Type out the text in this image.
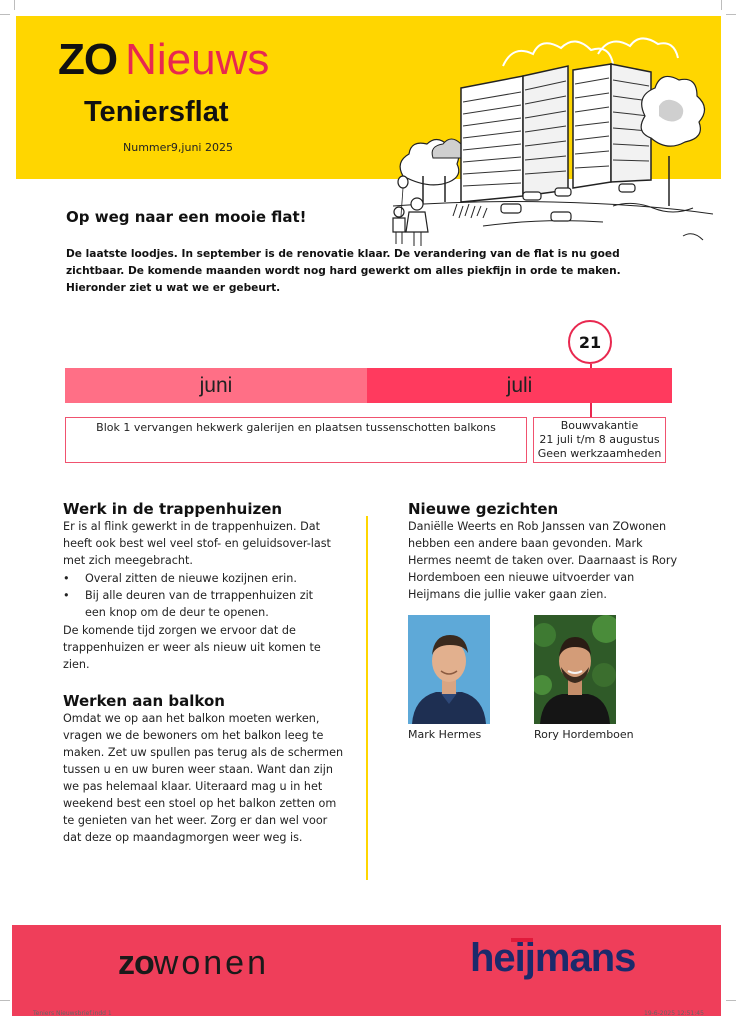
ZO Nieuws
Teniersflat
Nummer9,juni 2025
Op weg naar een mooie flat!
De laatste loodjes. In september is de renovatie klaar. De verandering van de flat is nu goed zichtbaar. De komende maanden wordt nog hard gewerkt om alles piekfijn in orde te maken. Hieronder ziet u wat we er gebeurt.
21
juni	juli
Blok 1 vervangen hekwerk galerijen en plaatsen tussenschotten balkons	Bouwvakantie
21 juli t/m 8 augustus
Geen werkzaamheden
Werk in de trappenhuizen
Er is al flink gewerkt in de trappenhuizen. Dat heeft ook best wel veel stof- en geluidsover-last met zich meegebracht.
• Overal zitten de nieuwe kozijnen erin.
• Bij alle deuren van de trrappenhuizen zit een knop om de deur te openen.
De komende tijd zorgen we ervoor dat de trappenhuizen er weer als nieuw uit komen te zien.
Werken aan balkon
Omdat we op aan het balkon moeten werken, vragen we de bewoners om het balkon leeg te maken. Zet uw spullen pas terug als de schermen tussen u en uw buren weer staan. Want dan zijn we pas helemaal klaar. Uiteraard mag u in het weekend best een stoel op het balkon zetten om te genieten van het weer. Zorg er dan wel voor dat deze op maandagmorgen weer weg is.
Nieuwe gezichten
Daniëlle Weerts en Rob Janssen van ZOwonen hebben een andere baan gevonden. Mark Hermes neemt de taken over. Daarnaast is Rory Hordemboen een nieuwe uitvoerder van Heijmans die jullie vaker gaan zien.
Mark Hermes	Rory Hordemboen
zowonen	heijmans
Teniers Nieuwsbrief.indd 1	19-6-2025 12:51:45
